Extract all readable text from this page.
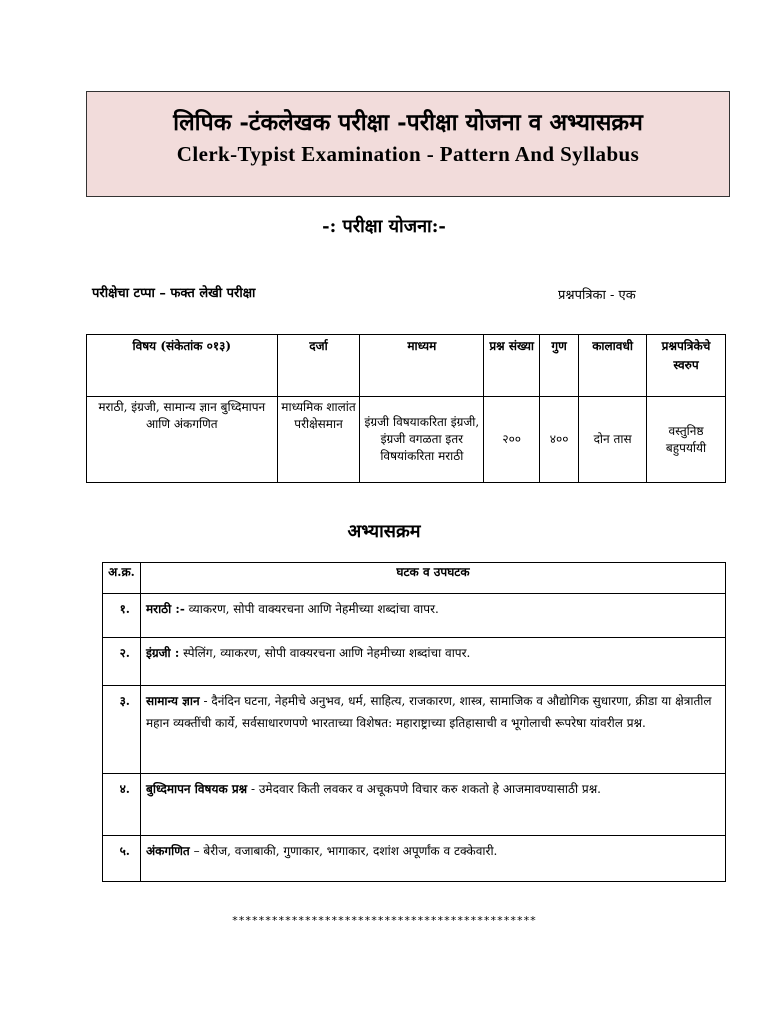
लिपिक -टंकलेखक परीक्षा -परीक्षा योजना व अभ्यासक्रम
Clerk-Typist Examination - Pattern And Syllabus
-: परीक्षा योजना:-
परीक्षेचा टप्पा – फक्त लेखी परीक्षा	प्रश्नपत्रिका - एक
विषय (संकेतांक ०१३)	दर्जा	माध्यम	प्रश्न संख्या	गुण	कालावधी	प्रश्नपत्रिकेचे स्वरुप
मराठी, इंग्रजी, सामान्य ज्ञान बुध्दिमापन आणि अंकगणित	माध्यमिक शालांत परीक्षेसमान	इंग्रजी विषयाकरिता इंग्रजी, इंग्रजी वगळता इतर विषयांकरिता मराठी	२००	४००	दोन तास	वस्तुनिष्ठ बहुपर्यायी
अभ्यासक्रम
अ.क्र.	घटक व उपघटक
१.	मराठी :- व्याकरण, सोपी वाक्यरचना आणि नेहमीच्या शब्दांचा वापर.
२.	इंग्रजी : स्पेलिंग, व्याकरण, सोपी वाक्यरचना आणि नेहमीच्या शब्दांचा वापर.
३.	सामान्य ज्ञान - दैनंदिन घटना, नेहमीचे अनुभव, धर्म, साहित्य, राजकारण, शास्त्र, सामाजिक व औद्योगिक सुधारणा, क्रीडा या क्षेत्रातील महान व्यक्तींची कार्ये, सर्वसाधारणपणे भारताच्या विशेषत: महाराष्ट्राच्या इतिहासाची व भूगोलाची रूपरेषा यांवरील प्रश्न.
४.	बुध्दिमापन विषयक प्रश्न - उमेदवार किती लवकर व अचूकपणे विचार करु शकतो हे आजमावण्यासाठी प्रश्न.
५.	अंकगणित – बेरीज, वजाबाकी, गुणाकार, भागाकार, दशांश अपूर्णांक व टक्केवारी.
**********************************************
